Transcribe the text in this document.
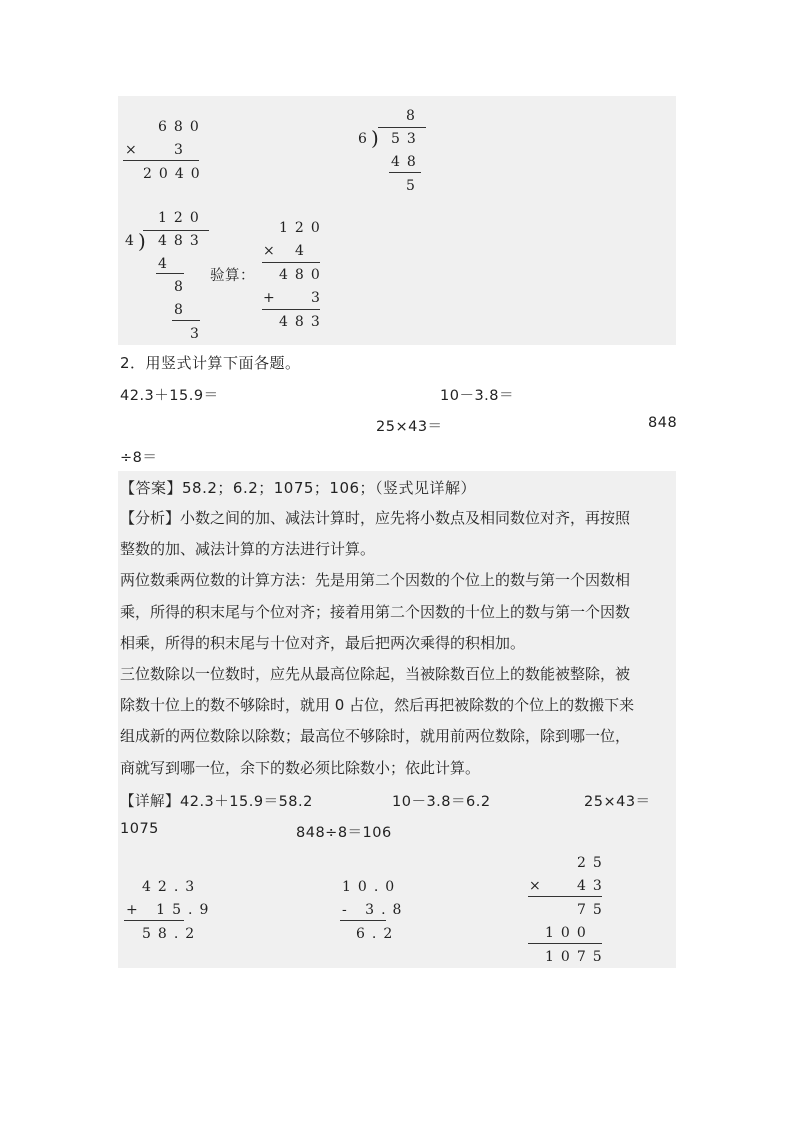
680
×	3
2040
8
)
6 53
48
5
120
)
4 483
4
8
8
3
验算：
120
× 4
480
+	3
483
2．用竖式计算下面各题。
42.3＋15.9＝	10－3.8＝
25×43＝	848
÷8＝
【答案】58.2；6.2；1075；106；（竖式见详解）
【分析】小数之间的加、减法计算时，应先将小数点及相同数位对齐，再按照
整数的加、减法计算的方法进行计算。
两位数乘两位数的计算方法：先是用第二个因数的个位上的数与第一个因数相
乘，所得的积末尾与个位对齐；接着用第二个因数的十位上的数与第一个因数
相乘，所得的积末尾与十位对齐，最后把两次乘得的积相加。
三位数除以一位数时，应先从最高位除起，当被除数百位上的数能被整除，被
除数十位上的数不够除时，就用 0 占位，然后再把被除数的个位上的数搬下来
组成新的两位数除以除数；最高位不够除时，就用前两位数除，除到哪一位，
商就写到哪一位，余下的数必须比除数小；依此计算。
【详解】42.3＋15.9＝58.2	10－3.8＝6.2	25×43＝
1075	848÷8＝106
42.3
+ 15.9
58.2
10.0
- 3.8
6.2
25
×	43
75
100
1075
